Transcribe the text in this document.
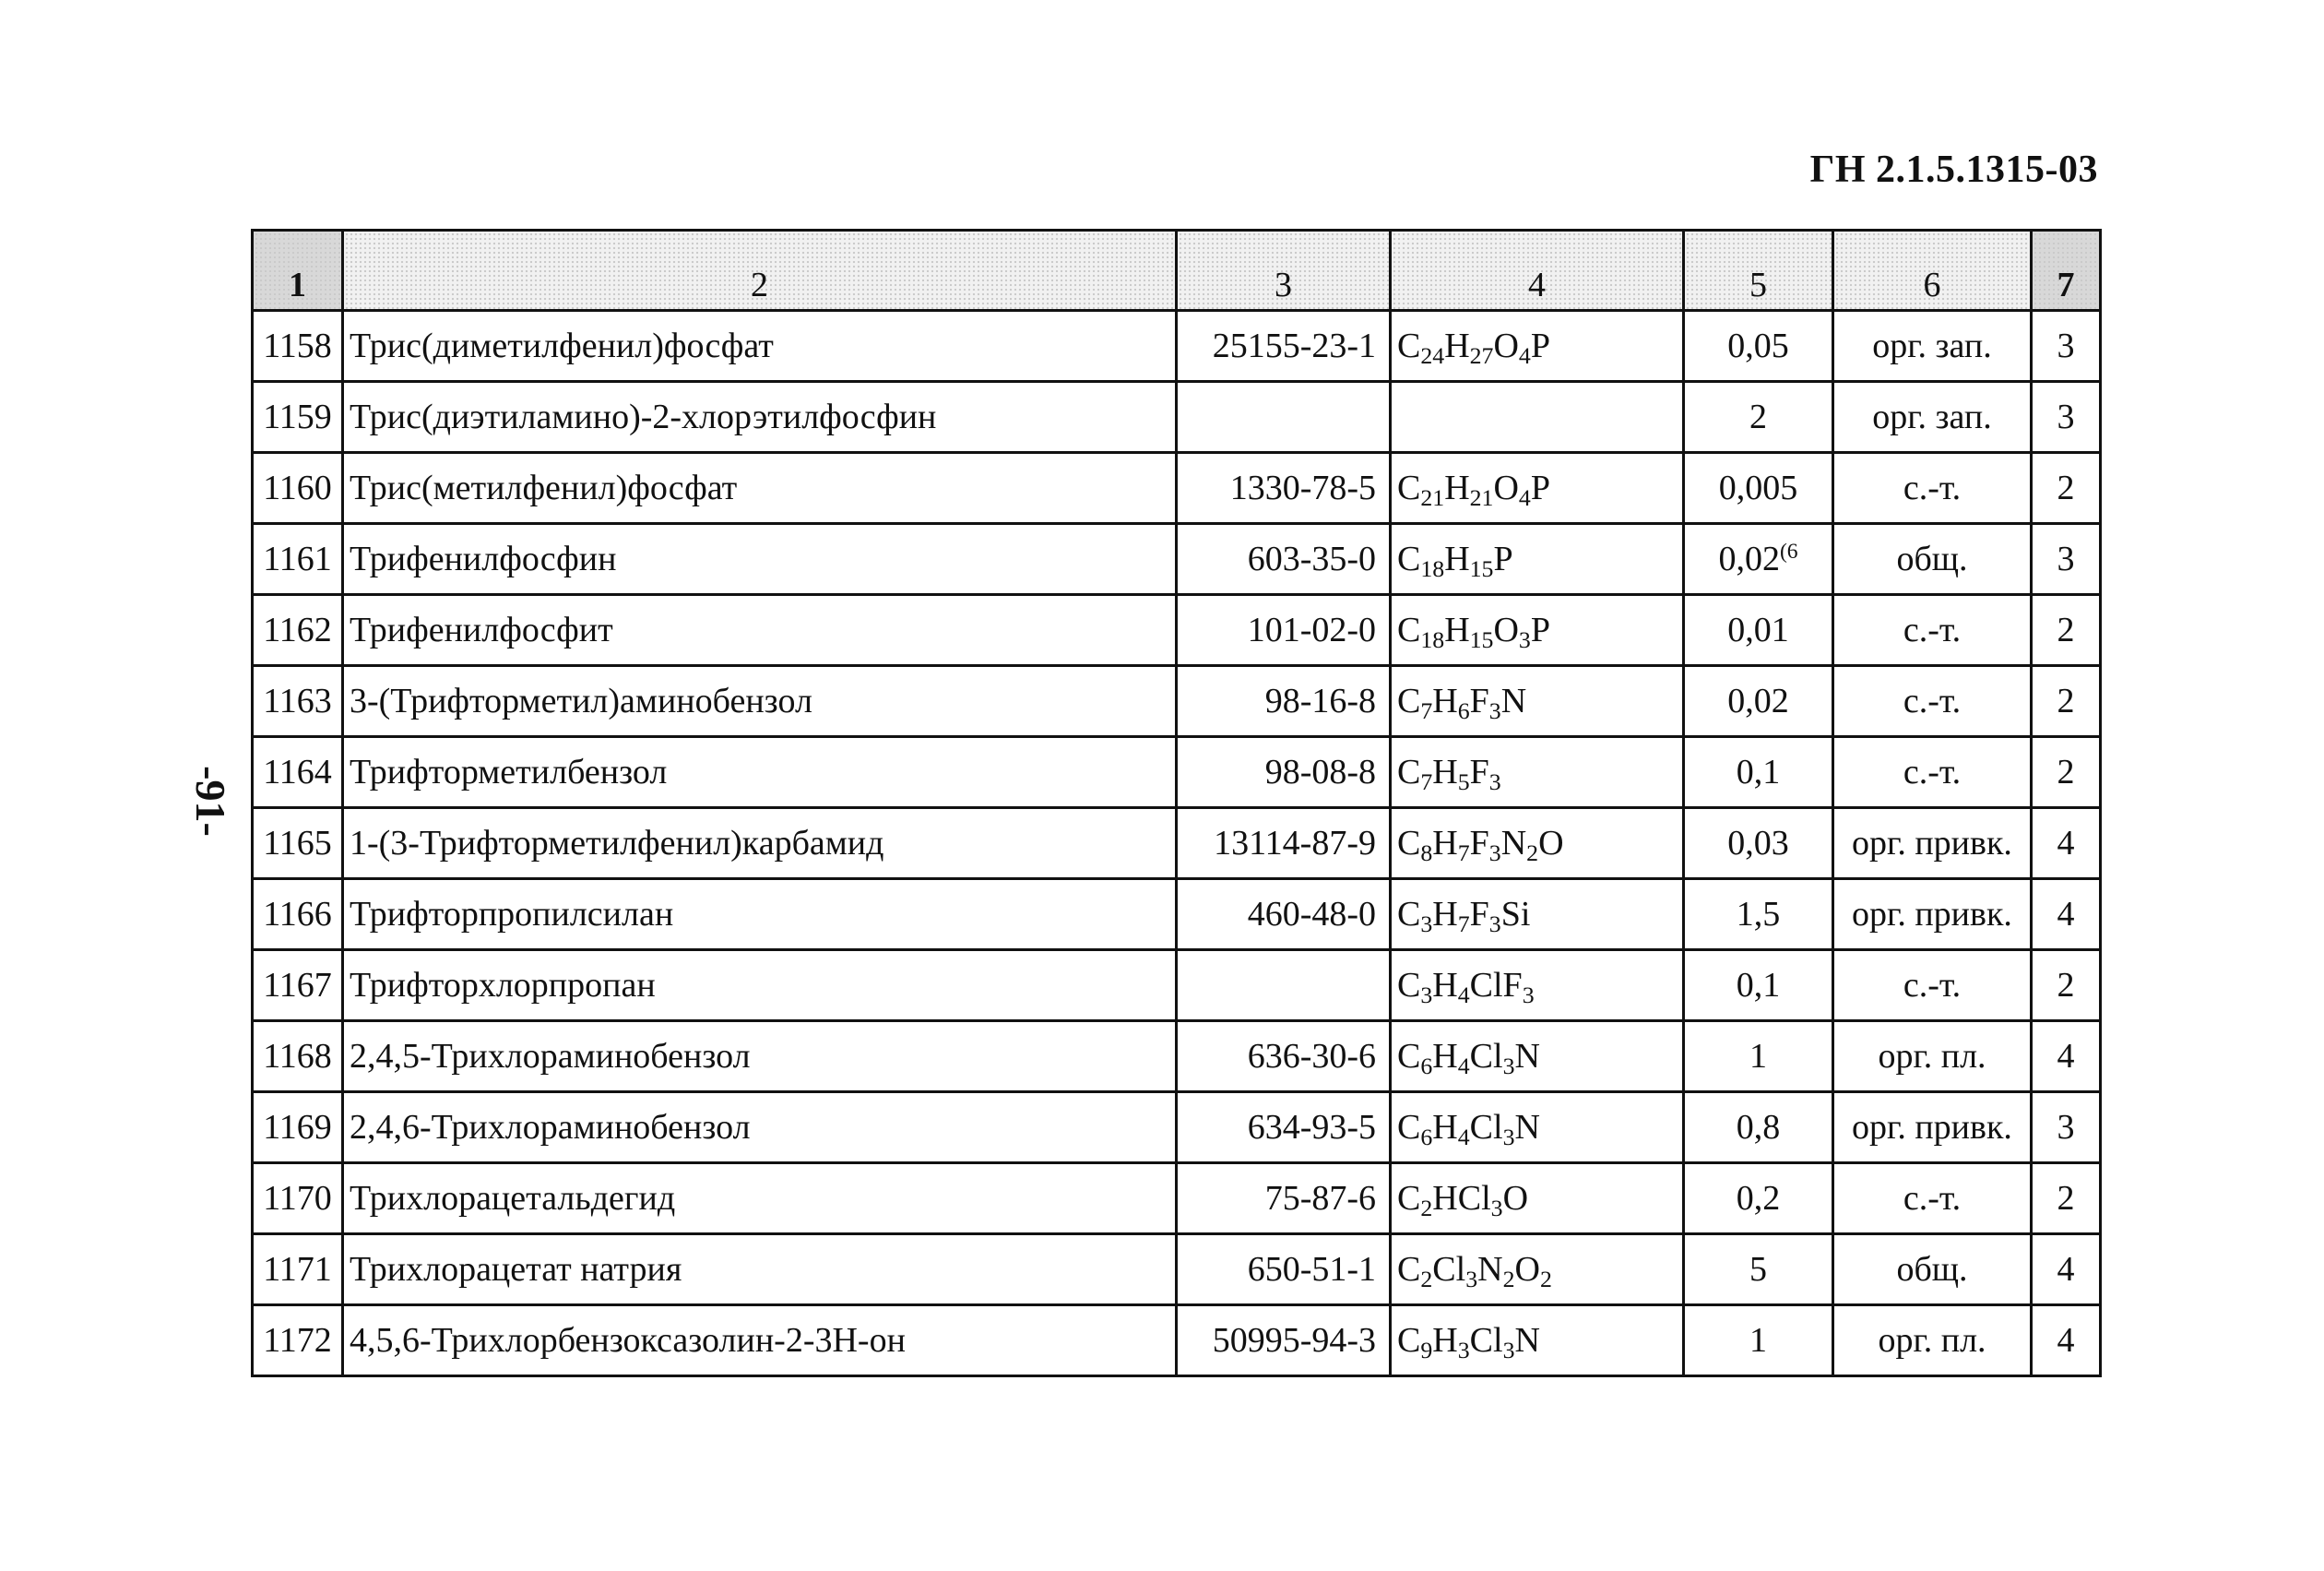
ГН 2.1.5.1315-03
-91-
1	2	3	4	5	6	7
1158	Трис(диметилфенил)фосфат	25155-23-1	$C_{24}H_{27}O_4P$	0,05	орг. зап.	3
1159	Трис(диэтиламино)-2-хлорэтилфосфин			2	орг. зап.	3
1160	Трис(метилфенил)фосфат	1330-78-5	$C_{21}H_{21}O_4P$	0,005	с.-т.	2
1161	Трифенилфосфин	603-35-0	$C_{18}H_{15}P$	0,02$^{(6}$	общ.	3
1162	Трифенилфосфит	101-02-0	$C_{18}H_{15}O_3P$	0,01	с.-т.	2
1163	3-(Трифторметил)аминобензол	98-16-8	$C_7H_6F_3N$	0,02	с.-т.	2
1164	Трифторметилбензол	98-08-8	$C_7H_5F_3$	0,1	с.-т.	2
1165	1-(3-Трифторметилфенил)карбамид	13114-87-9	$C_8H_7F_3N_2O$	0,03	орг. привк.	4
1166	Трифторпропилсилан	460-48-0	$C_3H_7F_3Si$	1,5	орг. привк.	4
1167	Трифторхлорпропан		$C_3H_4ClF_3$	0,1	с.-т.	2
1168	2,4,5-Трихлораминобензол	636-30-6	$C_6H_4Cl_3N$	1	орг. пл.	4
1169	2,4,6-Трихлораминобензол	634-93-5	$C_6H_4Cl_3N$	0,8	орг. привк.	3
1170	Трихлорацетальдегид	75-87-6	$C_2HCl_3O$	0,2	с.-т.	2
1171	Трихлорацетат натрия	650-51-1	$C_2Cl_3N_2O_2$	5	общ.	4
1172	4,5,6-Трихлорбензоксазолин-2-3Н-он	50995-94-3	$C_9H_3Cl_3N$	1	орг. пл.	4
